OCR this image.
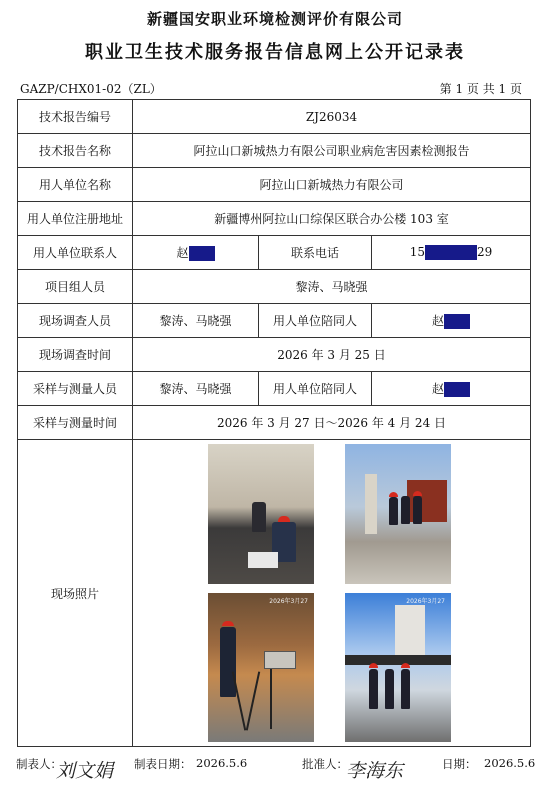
新疆国安职业环境检测评价有限公司
职业卫生技术服务报告信息网上公开记录表
GAZP/CHX01-02（ZL）	第 1 页 共 1 页
技术报告编号	ZJ26034		
技术报告名称	阿拉山口新城热力有限公司职业病危害因素检测报告		
用人单位名称	阿拉山口新城热力有限公司		
用人单位注册地址	新疆博州阿拉山口综保区联合办公楼 103 室		
用人单位联系人	赵	联系电话	15 29
项目组人员	黎涛、马晓强		
现场调查人员	黎涛、马晓强	用人单位陪同人	赵
现场调查时间	2026 年 3 月 25 日		
采样与测量人员	黎涛、马晓强	用人单位陪同人	赵
采样与测量时间	2026 年 3 月 27 日～2026 年 4 月 24 日		
现场照片	2026年3月27 2026年3月27		
制表人：
刘文娟 制表日期： 2026.5.6	批准人：
李海东	日期： 2026.5.6
